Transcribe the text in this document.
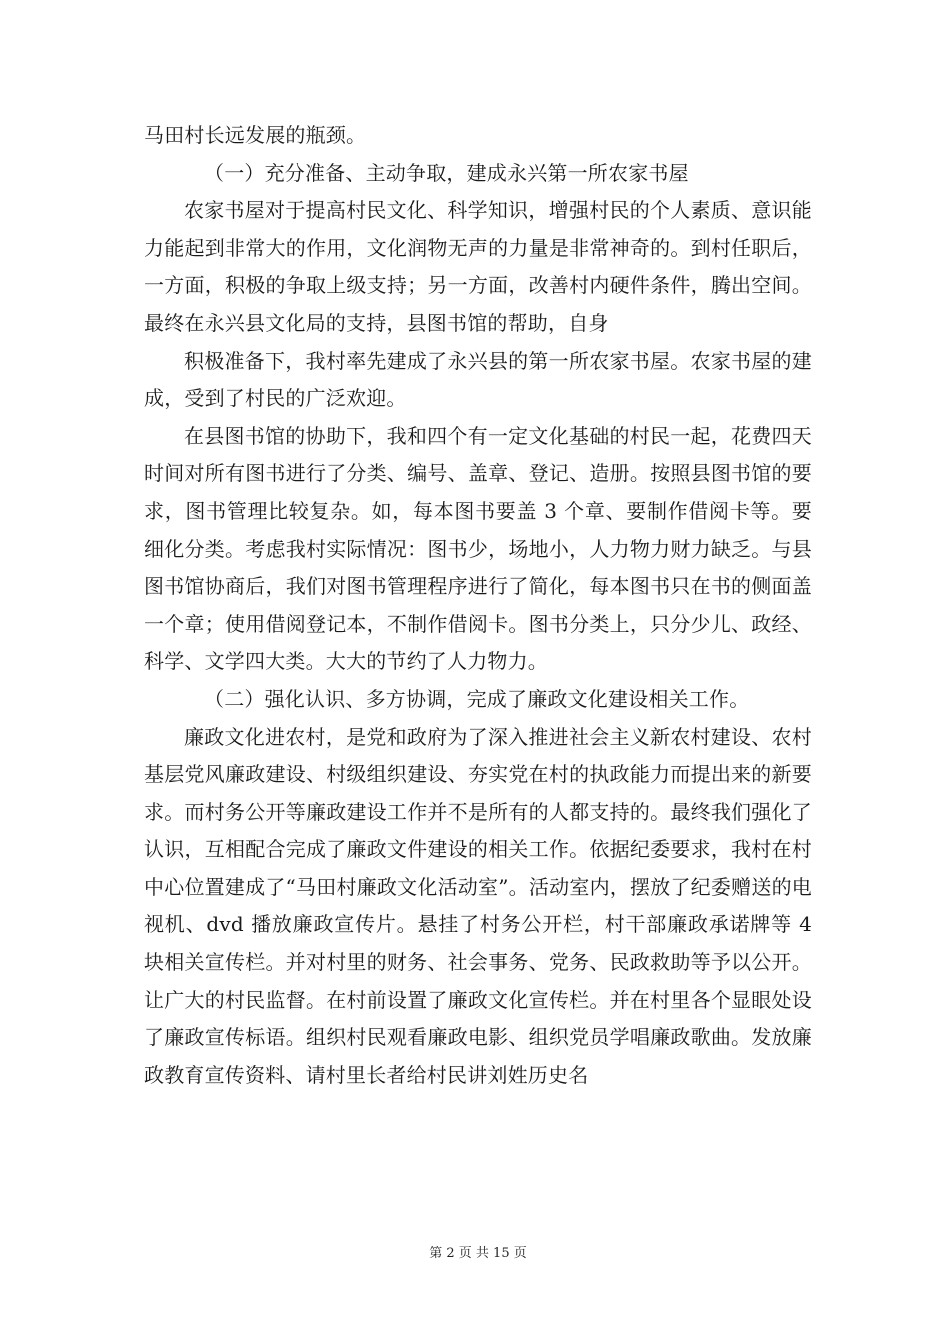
马田村长远发展的瓶颈。

（一）充分准备、主动争取，建成永兴第一所农家书屋

农家书屋对于提高村民文化、科学知识，增强村民的个人素质、意识能力能起到非常大的作用，文化润物无声的力量是非常神奇的。到村任职后，一方面，积极的争取上级支持；另一方面，改善村内硬件条件，腾出空间。最终在永兴县文化局的支持，县图书馆的帮助，自身

积极准备下，我村率先建成了永兴县的第一所农家书屋。农家书屋的建成，受到了村民的广泛欢迎。

在县图书馆的协助下，我和四个有一定文化基础的村民一起，花费四天时间对所有图书进行了分类、编号、盖章、登记、造册。按照县图书馆的要求，图书管理比较复杂。如，每本图书要盖 3 个章、要制作借阅卡等。要细化分类。考虑我村实际情况：图书少，场地小，人力物力财力缺乏。与县图书馆协商后，我们对图书管理程序进行了简化，每本图书只在书的侧面盖一个章；使用借阅登记本，不制作借阅卡。图书分类上，只分少儿、政经、科学、文学四大类。大大的节约了人力物力。

（二）强化认识、多方协调，完成了廉政文化建设相关工作。

廉政文化进农村，是党和政府为了深入推进社会主义新农村建设、农村基层党风廉政建设、村级组织建设、夯实党在村的执政能力而提出来的新要求。而村务公开等廉政建设工作并不是所有的人都支持的。最终我们强化了认识，互相配合完成了廉政文件建设的相关工作。依据纪委要求，我村在村中心位置建成了“马田村廉政文化活动室”。活动室内，摆放了纪委赠送的电视机、dvd 播放廉政宣传片。悬挂了村务公开栏，村干部廉政承诺牌等 4 块相关宣传栏。并对村里的财务、社会事务、党务、民政救助等予以公开。让广大的村民监督。在村前设置了廉政文化宣传栏。并在村里各个显眼处设了廉政宣传标语。组织村民观看廉政电影、组织党员学唱廉政歌曲。发放廉政教育宣传资料、请村里长者给村民讲刘姓历史名

第 2 页 共 15 页
